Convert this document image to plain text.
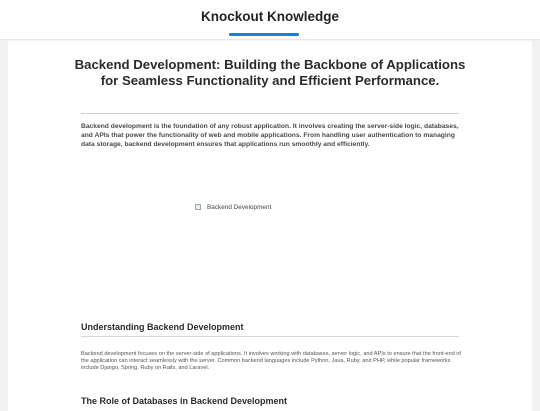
Knockout Knowledge
Backend Development: Building the Backbone of Applications for Seamless Functionality and Efficient Performance.

Backend development is the foundation of any robust application. It involves creating the server-side logic, databases, and APIs that power the functionality of web and mobile applications. From handling user authentication to managing data storage, backend development ensures that applications run smoothly and efficiently.

Backend Development
Understanding Backend Development

Backend development focuses on the server-side of applications. It involves working with databases, server logic, and APIs to ensure that the front-end of the application can interact seamlessly with the server. Common backend languages include Python, Java, Ruby, and PHP, while popular frameworks include Django, Spring, Ruby on Rails, and Laravel.

The Role of Databases in Backend Development
